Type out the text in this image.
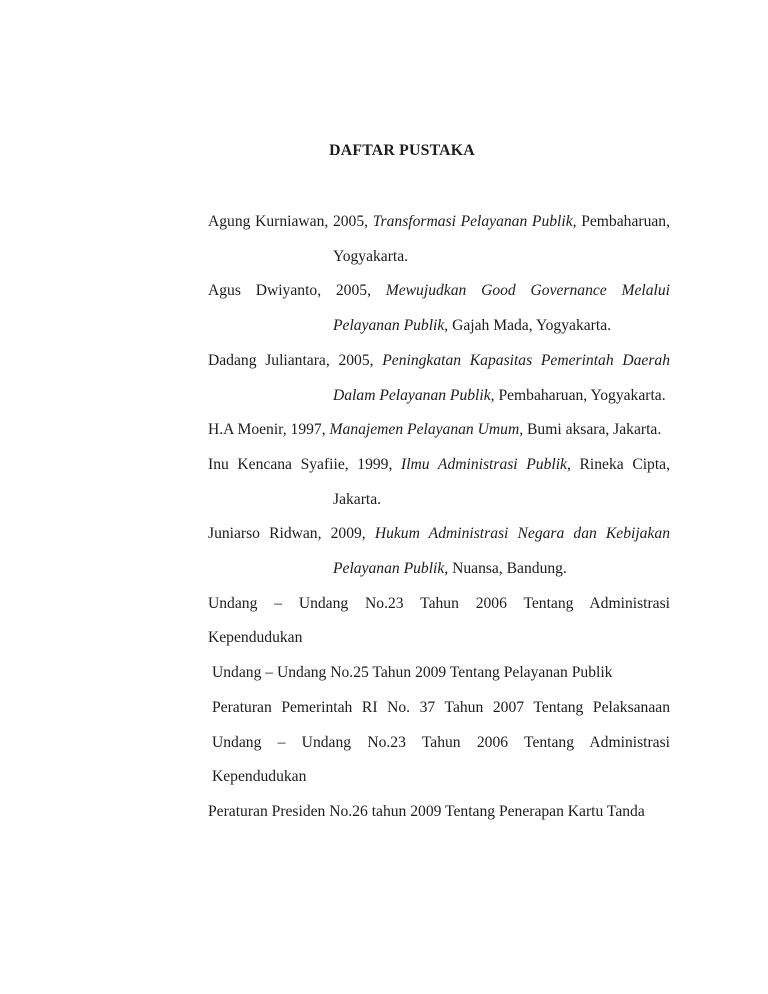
DAFTAR PUSTAKA
Agung Kurniawan, 2005, Transformasi Pelayanan Publik, Pembaharuan,
Yogyakarta.
Agus Dwiyanto, 2005, Mewujudkan Good Governance Melalui
Pelayanan Publik, Gajah Mada, Yogyakarta.
Dadang Juliantara, 2005, Peningkatan Kapasitas Pemerintah Daerah
Dalam Pelayanan Publik, Pembaharuan, Yogyakarta.
H.A Moenir, 1997, Manajemen Pelayanan Umum, Bumi aksara, Jakarta.
Inu Kencana Syafiie, 1999, Ilmu Administrasi Publik, Rineka Cipta,
Jakarta.
Juniarso Ridwan, 2009, Hukum Administrasi Negara dan Kebijakan
Pelayanan Publik, Nuansa, Bandung.
Undang – Undang No.23 Tahun 2006 Tentang Administrasi
Kependudukan
Undang – Undang No.25 Tahun 2009 Tentang Pelayanan Publik
Peraturan Pemerintah RI No. 37 Tahun 2007 Tentang Pelaksanaan
Undang – Undang No.23 Tahun 2006 Tentang Administrasi
Kependudukan
Peraturan Presiden No.26 tahun 2009 Tentang Penerapan Kartu Tanda
